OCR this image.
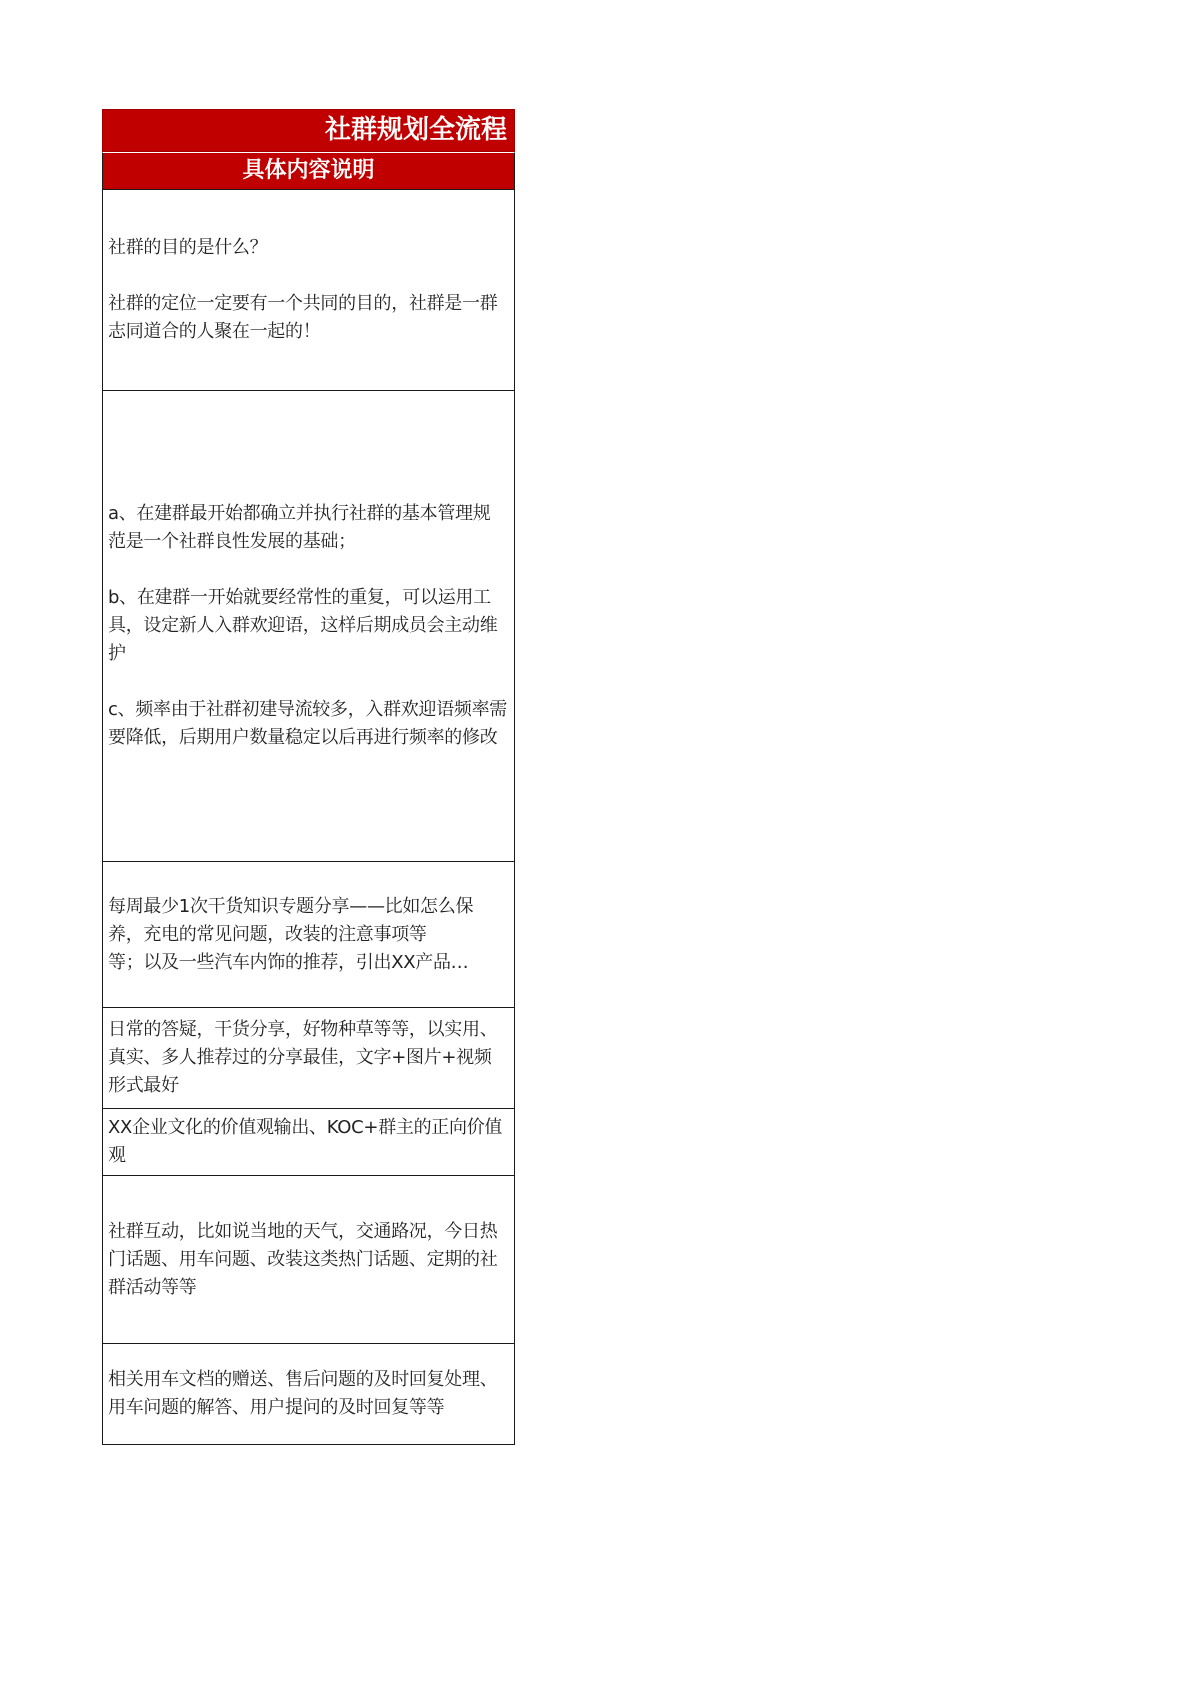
社群规划全流程
具体内容说明

社群的目的是什么？

社群的定位一定要有一个共同的目的，社群是一群志同道合的人聚在一起的！

a、在建群最开始都确立并执行社群的基本管理规范是一个社群良性发展的基础；

b、在建群一开始就要经常性的重复，可以运用工具，设定新人入群欢迎语，这样后期成员会主动维护

c、频率由于社群初建导流较多，入群欢迎语频率需要降低，后期用户数量稳定以后再进行频率的修改

每周最少1次干货知识专题分享——比如怎么保养，充电的常见问题，改装的注意事项等

等；以及一些汽车内饰的推荐，引出XX产品…

日常的答疑，干货分享，好物种草等等，以实用、真实、多人推荐过的分享最佳，文字+图片+视频形式最好

XX企业文化的价值观输出、KOC+群主的正向价值观

社群互动，比如说当地的天气，交通路况，今日热门话题、用车问题、改装这类热门话题、定期的社群活动等等

相关用车文档的赠送、售后问题的及时回复处理、用车问题的解答、用户提问的及时回复等等
